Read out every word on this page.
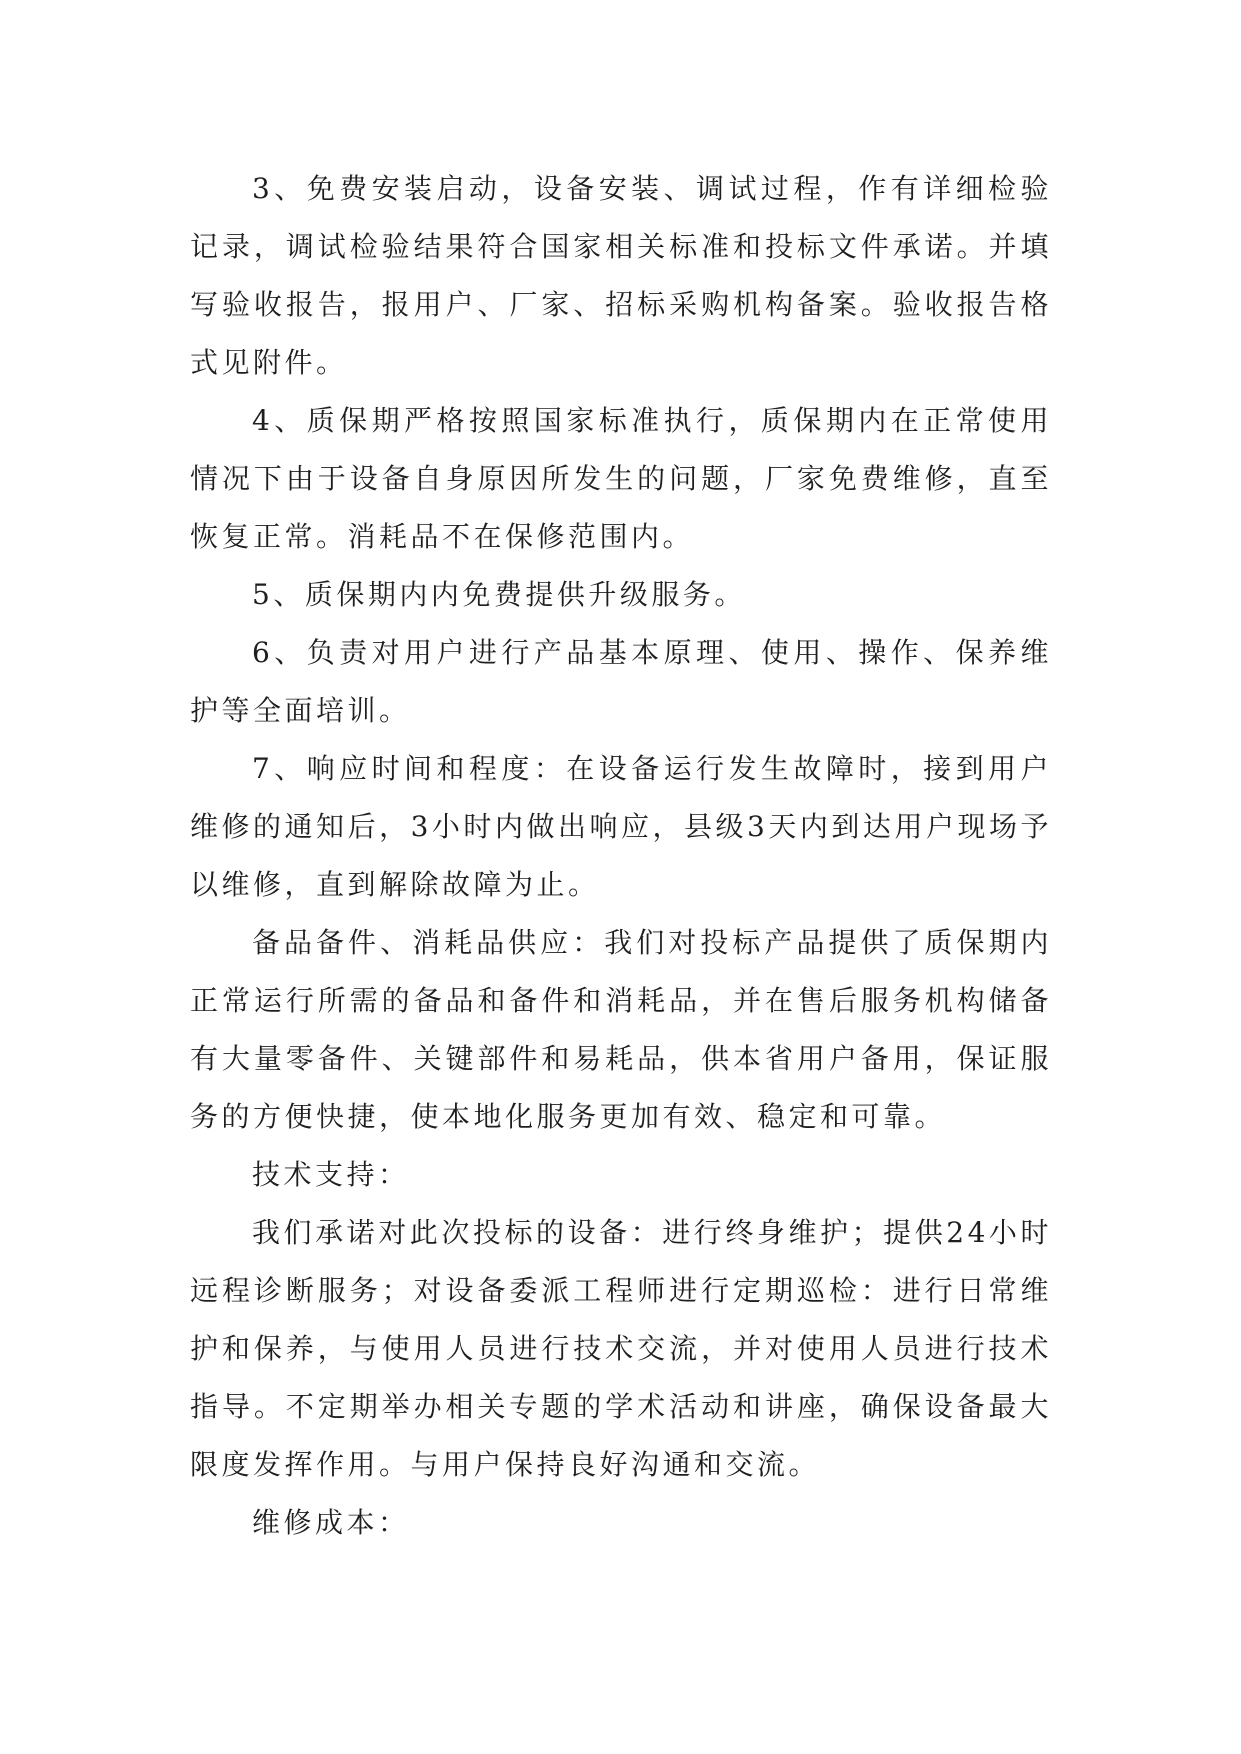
3、免费安装启动，设备安装、调试过程，作有详细检验记录，调试检验结果符合国家相关标准和投标文件承诺。并填写验收报告，报用户、厂家、招标采购机构备案。验收报告格式见附件。

4、质保期严格按照国家标准执行，质保期内在正常使用情况下由于设备自身原因所发生的问题，厂家免费维修，直至恢复正常。消耗品不在保修范围内。

5、质保期内内免费提供升级服务。

6、负责对用户进行产品基本原理、使用、操作、保养维护等全面培训。

7、响应时间和程度：在设备运行发生故障时，接到用户维修的通知后，3小时内做出响应，县级3天内到达用户现场予以维修，直到解除故障为止。

备品备件、消耗品供应：我们对投标产品提供了质保期内正常运行所需的备品和备件和消耗品，并在售后服务机构储备有大量零备件、关键部件和易耗品，供本省用户备用，保证服务的方便快捷，使本地化服务更加有效、稳定和可靠。

技术支持：

我们承诺对此次投标的设备：进行终身维护；提供24小时远程诊断服务；对设备委派工程师进行定期巡检：进行日常维护和保养，与使用人员进行技术交流，并对使用人员进行技术指导。不定期举办相关专题的学术活动和讲座，确保设备最大限度发挥作用。与用户保持良好沟通和交流。

维修成本：
